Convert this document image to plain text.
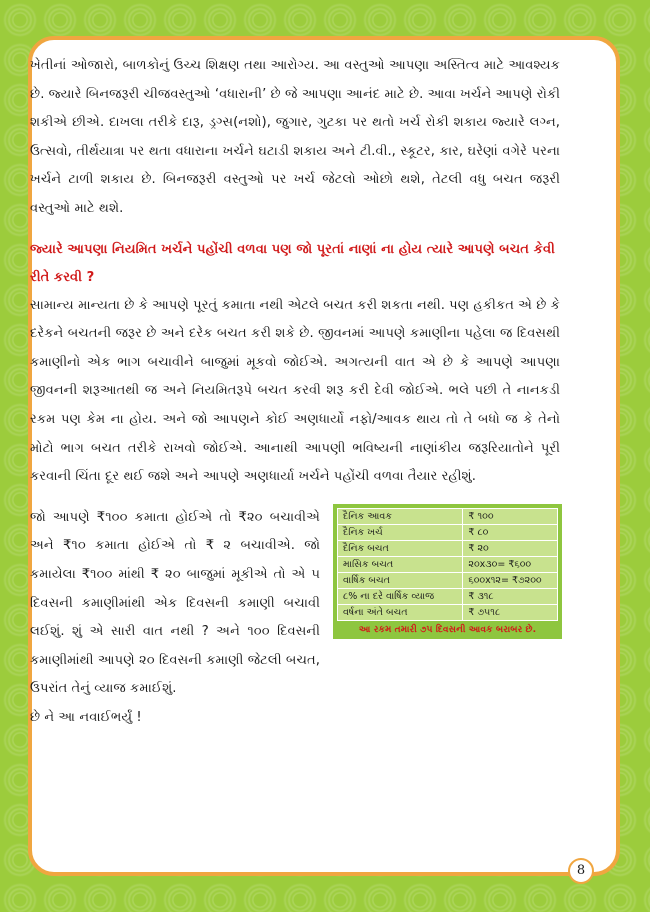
ખેતીનાં ઓજારો, બાળકોનું ઉચ્ચ શિક્ષણ તથા આરોગ્ય. આ વસ્તુઓ આપણા અસ્તિત્વ માટે આવશ્યક છે. જ્યારે બિનજરૂરી ચીજવસ્તુઓ ‘વધારાની’ છે જે આપણા આનંદ માટે છે. આવા ખર્ચને આપણે રોકી શકીએ છીએ. દાખલા તરીકે દારૂ, ડ્રગ્સ(નશો), જુગાર, ગુટકા પર થતો ખર્ચ રોકી શકાય જ્યારે લગ્ન, ઉત્સવો, તીર્થયાત્રા પર થતા વધારાના ખર્ચને ઘટાડી શકાય અને ટી.વી., સ્કૂટર, કાર, ઘરેણાં વગેરે પરના ખર્ચને ટાળી શકાય છે. બિનજરૂરી વસ્તુઓ પર ખર્ચ જેટલો ઓછો થશે, તેટલી વધુ બચત જરૂરી વસ્તુઓ માટે થશે.

જ્યારે આપણા નિયમિત ખર્ચને પહોંચી વળવા પણ જો પૂરતાં નાણાં ના હોય ત્યારે આપણે બચત કેવી રીતે કરવી ?

સામાન્ય માન્યતા છે કે આપણે પૂરતું કમાતા નથી એટલે બચત કરી શકતા નથી. પણ હકીકત એ છે કે દરેકને બચતની જરૂર છે અને દરેક બચત કરી શકે છે. જીવનમાં આપણે કમાણીના પહેલા જ દિવસથી કમાણીનો એક ભાગ બચાવીને બાજુમાં મૂકવો જોઈએ. અગત્યની વાત એ છે કે આપણે આપણા જીવનની શરૂઆતથી જ અને નિયમિતરૂપે બચત કરવી શરૂ કરી દેવી જોઈએ. ભલે પછી તે નાનકડી રકમ પણ કેમ ના હોય. અને જો આપણને કોઈ અણધાર્યો નફો/આવક થાય તો તે બધો જ કે તેનો મોટો ભાગ બચત તરીકે રાખવો જોઈએ. આનાથી આપણી ભવિષ્યની નાણાંકીય જરૂરિયાતોને પૂરી કરવાની ચિંતા દૂર થઈ જશે અને આપણે અણધાર્યા ખર્ચને પહોંચી વળવા તૈયાર રહીશું.

જો આપણે ₹૧૦૦ કમાતા હોઈએ તો ₹૨૦ બચાવીએ અને ₹૧૦ કમાતા હોઈએ તો ₹ ૨ બચાવીએ. જો કમાયેલા ₹૧૦૦ માંથી ₹ ૨૦ બાજુમાં મૂકીએ તો એ ૫ દિવસની કમાણીમાંથી એક દિવસની કમાણી બચાવી લઈશું. શું એ સારી વાત નથી ? અને ૧૦૦ દિવસની કમાણીમાંથી આપણે ૨૦ દિવસની કમાણી જેટલી બચત, ઉપરાંત તેનું વ્યાજ કમાઈશું.

છે ને આ નવાઈભર્યું !

દૈનિક આવક	₹ ૧૦૦
દૈનિક ખર્ચ	₹ ૮૦
દૈનિક બચત	₹ ૨૦
માસિક બચત	૨૦x૩૦= ₹૬૦૦
વાર્ષિક બચત	૬૦૦x૧૨= ₹૭૨૦૦
૮% ના દરે વાર્ષિક વ્યાજ	₹ ૩૧૮
વર્ષના અંતે બચત	₹ ૭૫૧૮
આ રકમ તમારી ૭૫ દિવસની આવક બરાબર છે.
8
